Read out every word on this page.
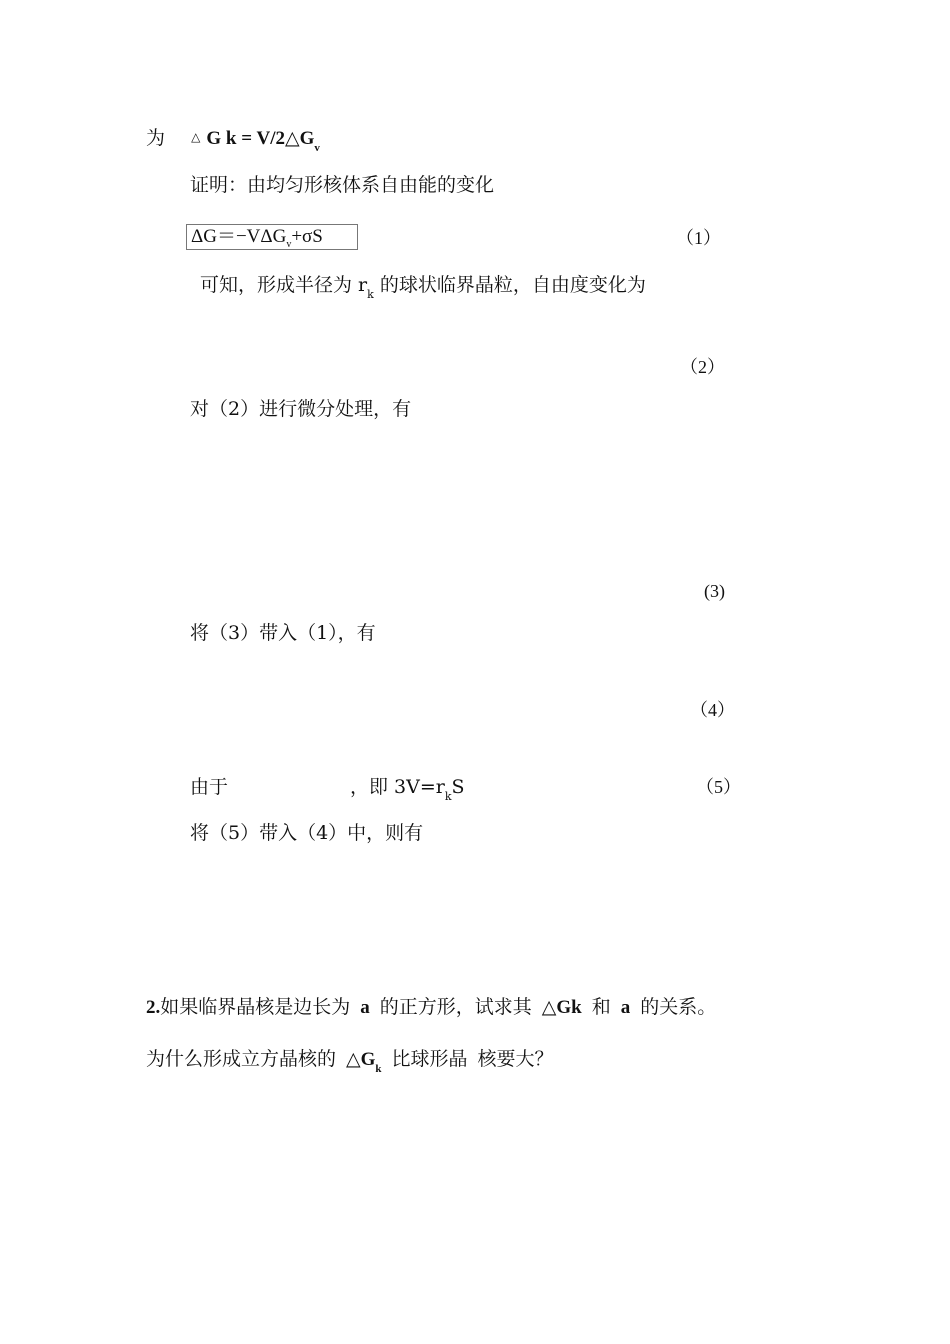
为 △ G $k = V/2\triangle G_v$
证明：由均匀形核体系自由能的变化
$\Delta G=-V\Delta G_v+\sigma S$	（1）
可知，形成半径为 $r_k$ 的球状临界晶粒，自由度变化为
（2）
对（2）进行微分处理，有
(3)
将（3）带入（1），有
（4）
由于	，即 $3V=r_kS$	（5）
将（5）带入（4）中，则有
2.如果临界晶核是边长为 a 的正方形，试求其 △Gk 和 a 的关系。
为什么形成立方晶核的 $\triangle G_k$ 比球形晶 核要大？
